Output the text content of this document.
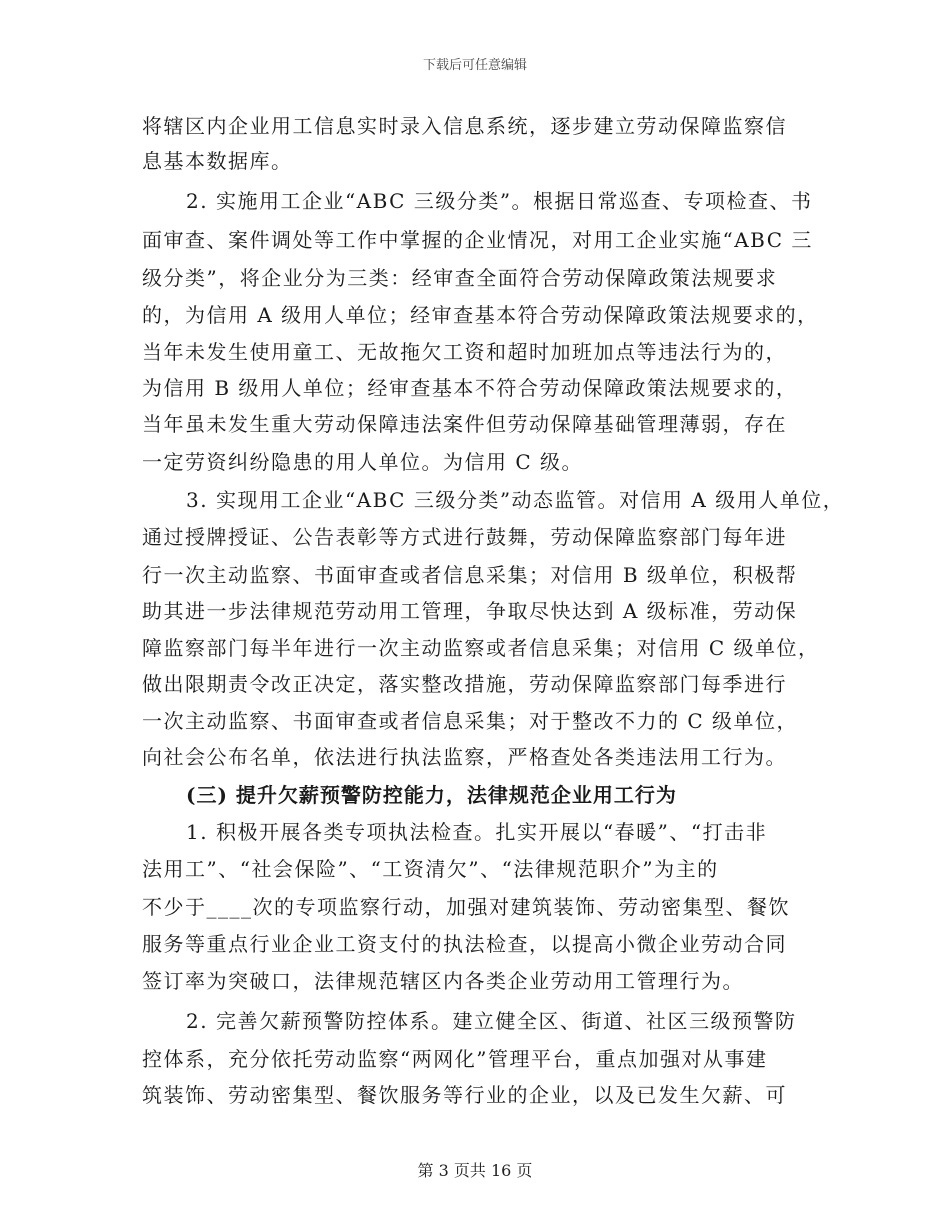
下载后可任意编辑
将辖区内企业用工信息实时录入信息系统，逐步建立劳动保障监察信
息基本数据库。
2. 实施用工企业“ABC 三级分类”。根据日常巡查、专项检查、书
面审查、案件调处等工作中掌握的企业情况，对用工企业实施“ABC 三
级分类”，将企业分为三类：经审查全面符合劳动保障政策法规要求
的，为信用 A 级用人单位；经审查基本符合劳动保障政策法规要求的，
当年未发生使用童工、无故拖欠工资和超时加班加点等违法行为的，
为信用 B 级用人单位；经审查基本不符合劳动保障政策法规要求的，
当年虽未发生重大劳动保障违法案件但劳动保障基础管理薄弱，存在
一定劳资纠纷隐患的用人单位。为信用 C 级。
3. 实现用工企业“ABC 三级分类”动态监管。对信用 A 级用人单位，
通过授牌授证、公告表彰等方式进行鼓舞，劳动保障监察部门每年进
行一次主动监察、书面审查或者信息采集；对信用 B 级单位，积极帮
助其进一步法律规范劳动用工管理，争取尽快达到 A 级标准，劳动保
障监察部门每半年进行一次主动监察或者信息采集；对信用 C 级单位，
做出限期责令改正决定，落实整改措施，劳动保障监察部门每季进行
一次主动监察、书面审查或者信息采集；对于整改不力的 C 级单位，
向社会公布名单，依法进行执法监察，严格查处各类违法用工行为。
(三) 提升欠薪预警防控能力，法律规范企业用工行为
1. 积极开展各类专项执法检查。扎实开展以“春暖”、“打击非
法用工”、“社会保险”、“工资清欠”、“法律规范职介”为主的
不少于____次的专项监察行动，加强对建筑装饰、劳动密集型、餐饮
服务等重点行业企业工资支付的执法检查，以提高小微企业劳动合同
签订率为突破口，法律规范辖区内各类企业劳动用工管理行为。
2. 完善欠薪预警防控体系。建立健全区、街道、社区三级预警防
控体系，充分依托劳动监察“两网化”管理平台，重点加强对从事建
筑装饰、劳动密集型、餐饮服务等行业的企业，以及已发生欠薪、可
第 3 页共 16 页
